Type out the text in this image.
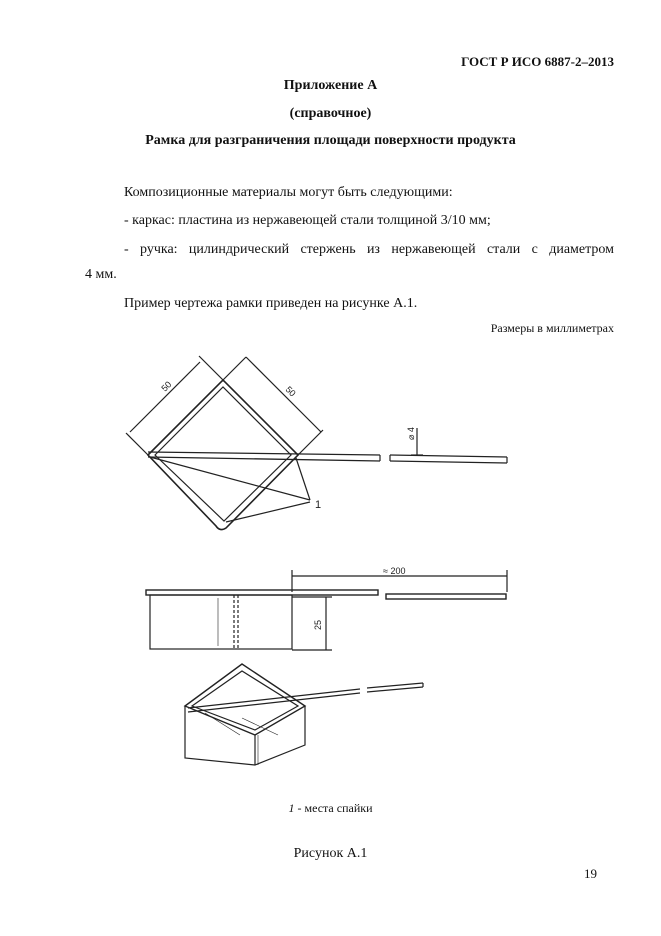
ГОСТ Р ИСО 6887-2–2013
Приложение А
(справочное)
Рамка для разграничения площади поверхности продукта
Композиционные материалы могут быть следующими:
- каркас: пластина из нержавеющей стали толщиной 3/10 мм;
- ручка: цилиндрический стержень из нержавеющей стали с диаметром
4 мм.
Пример чертежа рамки приведен на рисунке А.1.
Размеры в миллиметрах
50	50
⌀ 4
1
≈ 200
25
1 - места спайки
Рисунок А.1
19
